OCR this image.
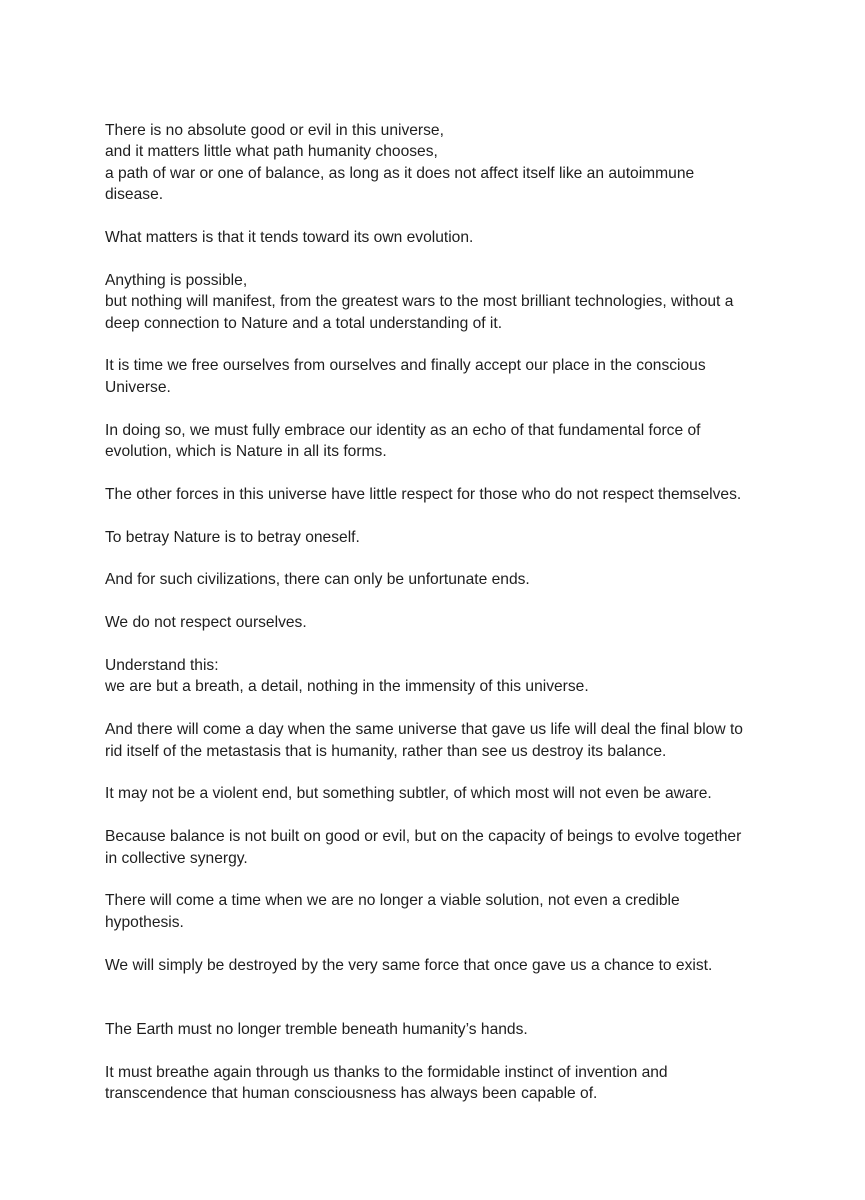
There is no absolute good or evil in this universe,
and it matters little what path humanity chooses,
a path of war or one of balance, as long as it does not affect itself like an autoimmune
disease.

What matters is that it tends toward its own evolution.

Anything is possible,
but nothing will manifest, from the greatest wars to the most brilliant technologies, without a
deep connection to Nature and a total understanding of it.

It is time we free ourselves from ourselves and finally accept our place in the conscious
Universe.

In doing so, we must fully embrace our identity as an echo of that fundamental force of
evolution, which is Nature in all its forms.

The other forces in this universe have little respect for those who do not respect themselves.

To betray Nature is to betray oneself.

And for such civilizations, there can only be unfortunate ends.

We do not respect ourselves.

Understand this:
we are but a breath, a detail, nothing in the immensity of this universe.

And there will come a day when the same universe that gave us life will deal the final blow to
rid itself of the metastasis that is humanity, rather than see us destroy its balance.

It may not be a violent end, but something subtler, of which most will not even be aware.

Because balance is not built on good or evil, but on the capacity of beings to evolve together
in collective synergy.

There will come a time when we are no longer a viable solution, not even a credible
hypothesis.

We will simply be destroyed by the very same force that once gave us a chance to exist.

The Earth must no longer tremble beneath humanity’s hands.

It must breathe again through us thanks to the formidable instinct of invention and
transcendence that human consciousness has always been capable of.
